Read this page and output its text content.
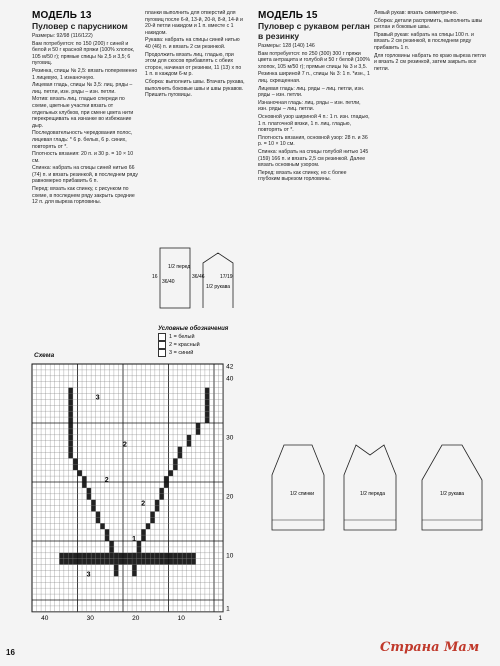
МОДЕЛЬ 13
Пуловер с парусником

Размеры: 92/98 (116/122)

Вам потребуется: по 150 (200) г синей и белой и 50 г красной пряжи (100% хлопок, 105 м/50 г); прямые спицы № 2,5 и 3,5; 6 пуговиц.

Резинка, спицы № 2,5: вязать попеременно 1 лицевую, 1 изнаночную.

Лицевая гладь, спицы № 3,5: лиц. ряды – лиц. петли, изн. ряды – изн. петли.

Мотив: вязать лиц. гладью спереди по схеме, цветные участки вязать от отдельных клубков, при смене цвета нити перекрещивать на изнанке во избежание дыр.

Последовательность чередования полос, лицевая гладь: * 6 р. белых, 6 р. синих, повторять от *.

Плотность вязания: 20 п. и 30 р. = 10 × 10 см.

Спинка: набрать на спицы синей нитью 66 (74) п. и вязать резинкой, в последнем ряду равномерно прибавить 6 п.

Перед: вязать как спинку, с рисунком по схеме, в последнем ряду закрыть средние 12 п. для выреза горловины.

планки выполнить для отверстий для пуговиц после 6-й, 13-й, 20-й, 8-й, 14-й и 20-й петли накидом и 1 п. вместе с 1 накидом.

Рукава: набрать на спицы синей нитью 40 (46) п. и вязать 2 см резинкой.

Продолжить вязать лиц. гладью, при этом для скосов прибавлять с обеих сторон, начиная от резинки, 11 (13) х по 1 п. в каждом 6-м р.

Сборка: выполнить швы. Втачать рукава, выполнить боковые швы и швы рукавов. Пришить пуговицы.

16
36/40
1/2 перед
1/2 рукава
36/46	17/19
Условные обозначения
1 = белый
2 = красный
3 = синий
Схема
3
2
2
2
1
3
42
40
30
20
10
1
40	30	20	10	1
МОДЕЛЬ 15
Пуловер с рукавом реглан в резинку

Размеры: 128 (140) 146

Вам потребуется: по 250 (300) 300 г пряжи цвета антрацита и голубой и 50 г белой (100% хлопок, 105 м/50 г); прямые спицы № 3 и 3,5.

Резинка шириной 7 п., спицы № 3: 1 п. *изн., 1 лиц. скрещенная.

Лицевая гладь: лиц. ряды – лиц. петли, изн. ряды – изн. петли.

Изнаночная гладь: лиц. ряды – изн. петли, изн. ряды – лиц. петли.

Основной узор шириной 4 п.: 1 п. изн. гладью, 1 п. платочной вязки, 1 п. лиц. гладью, повторять от *.

Плотность вязания, основной узор: 28 п. и 36 р. = 10 × 10 см.

Спинка: набрать на спицы голубой нитью 145 (159) 166 п. и вязать 2,5 см резинкой. Далее вязать основным узором.

Перед: вязать как спинку, но с более глубоким вырезом горловины.

Левый рукав: вязать симметрично.

Сборка: детали распрямить, выполнить швы реглан и боковые швы.

Правый рукав: набрать на спицы 100 п. и вязать 2 см резинкой, в последнем ряду прибавить 1 п.

Для горловины набрать по краю выреза петли и вязать 2 см резинкой, затем закрыть все петли.

1/2 спинки	1/2 переда	1/2 рукава
16	Страна Мам
